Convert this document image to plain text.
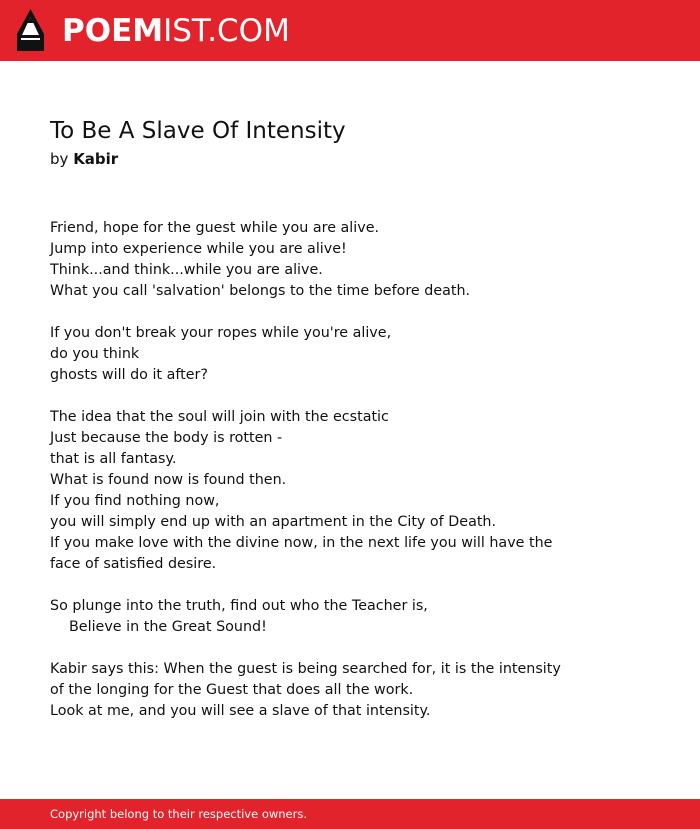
POEMIST.COM
To Be A Slave Of Intensity
by Kabir
Friend, hope for the guest while you are alive.
Jump into experience while you are alive!
Think...and think...while you are alive.
What you call 'salvation' belongs to the time before death.
If you don't break your ropes while you're alive,
do you think
ghosts will do it after?
The idea that the soul will join with the ecstatic
Just because the body is rotten -
that is all fantasy.
What is found now is found then.
If you find nothing now,
you will simply end up with an apartment in the City of Death.
If you make love with the divine now, in the next life you will have the
face of satisfied desire.
So plunge into the truth, find out who the Teacher is,
Believe in the Great Sound!
Kabir says this: When the guest is being searched for, it is the intensity
of the longing for the Guest that does all the work.
Look at me, and you will see a slave of that intensity.
Copyright belong to their respective owners.
